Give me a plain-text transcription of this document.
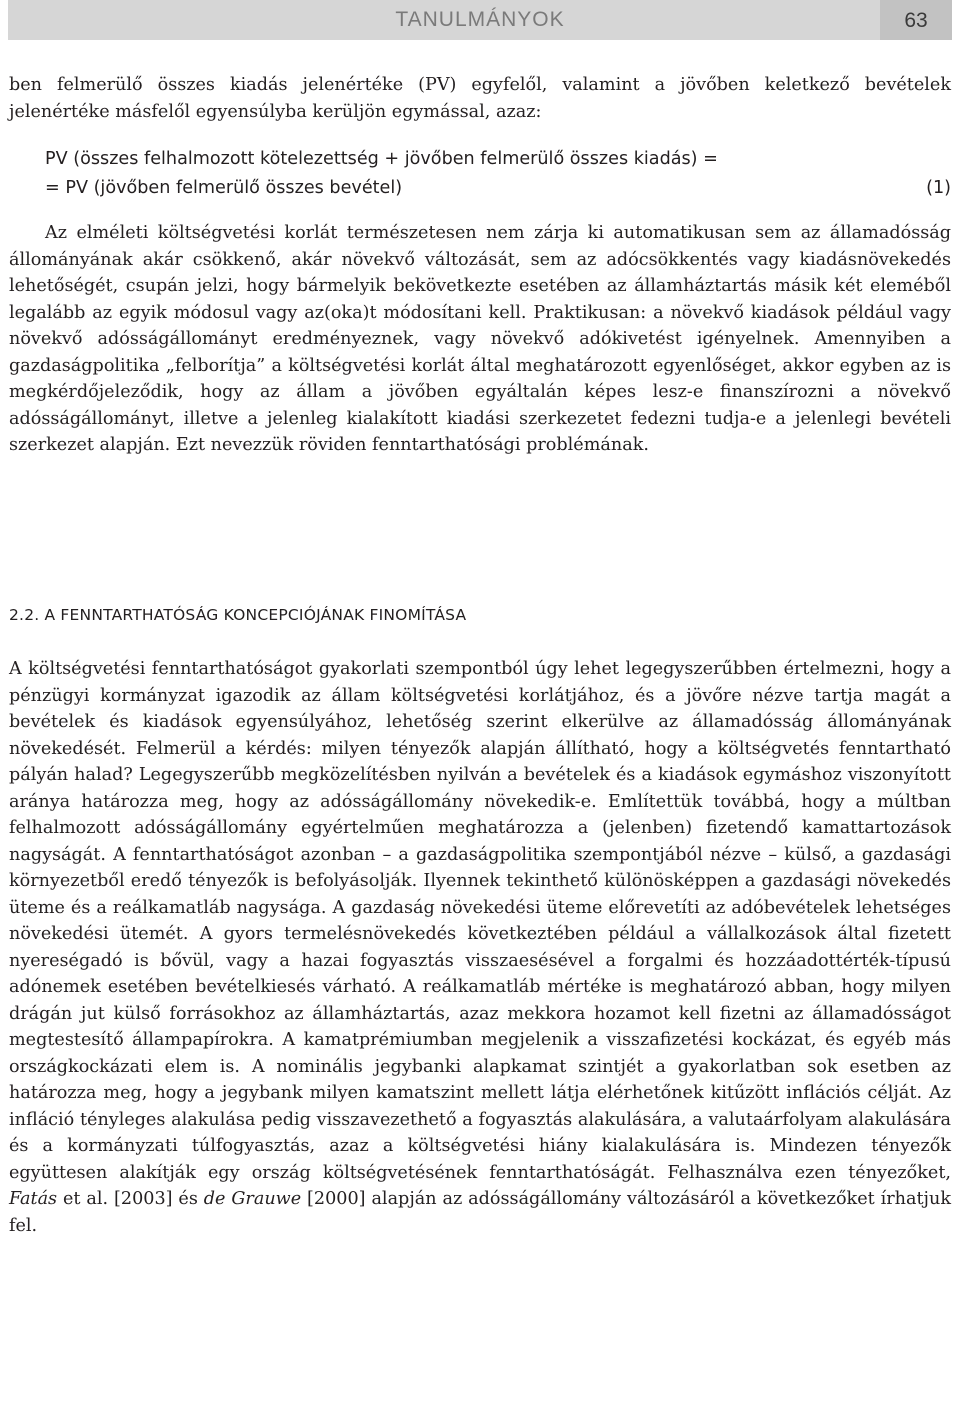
TANULMÁNYOK	63

ben felmerülő összes kiadás jelenértéke (PV) egyfelől, valamint a jövőben keletkező bevételek jelenértéke másfelől egyensúlyba kerüljön egymással, azaz:

PV (összes felhalmozott kötelezettség + jövőben felmerülő összes kiadás) =
= PV (jövőben felmerülő összes bevétel)	(1)

Az elméleti költségvetési korlát természetesen nem zárja ki automatikusan sem az államadósság állományának akár csökkenő, akár növekvő változását, sem az adócsökkentés vagy kiadásnövekedés lehetőségét, csupán jelzi, hogy bármelyik bekövetkezte esetében az államháztartás másik két eleméből legalább az egyik módosul vagy az(oka)t módosítani kell. Praktikusan: a növekvő kiadások például vagy növekvő adósságállományt eredményeznek, vagy növekvő adókivetést igényelnek. Amennyiben a gazdaságpolitika „felborítja” a költségvetési korlát által meghatározott egyenlőséget, akkor egyben az is megkérdőjeleződik, hogy az állam a jövőben egyáltalán képes lesz-e finanszírozni a növekvő adósságállományt, illetve a jelenleg kialakított kiadási szerkezetet fedezni tudja-e a jelenlegi bevételi szerkezet alapján. Ezt nevezzük röviden fenntarthatósági problémának.

2.2. A FENNTARTHATÓSÁG KONCEPCIÓJÁNAK FINOMÍTÁSA

A költségvetési fenntarthatóságot gyakorlati szempontból úgy lehet legegyszerűbben értelmezni, hogy a pénzügyi kormányzat igazodik az állam költségvetési korlátjához, és a jövőre nézve tartja magát a bevételek és kiadások egyensúlyához, lehetőség szerint elkerülve az államadósság állományának növekedését. Felmerül a kérdés: milyen tényezők alapján állítható, hogy a költségvetés fenntartható pályán halad? Legegyszerűbb megközelítésben nyilván a bevételek és a kiadások egymáshoz viszonyított aránya határozza meg, hogy az adósságállomány növekedik-e. Említettük továbbá, hogy a múltban felhalmozott adósságállomány egyértelműen meghatározza a (jelenben) fizetendő kamattartozások nagyságát. A fenntarthatóságot azonban – a gazdaságpolitika szempontjából nézve – külső, a gazdasági környezetből eredő tényezők is befolyásolják. Ilyennek tekinthető különösképpen a gazdasági növekedés üteme és a reálkamatláb nagysága. A gazdaság növekedési üteme előrevetíti az adóbevételek lehetséges növekedési ütemét. A gyors termelésnövekedés következtében például a vállalkozások által fizetett nyereségadó is bővül, vagy a hazai fogyasztás visszaesésével a forgalmi és hozzáadottérték-típusú adónemek esetében bevételkiesés várható. A reálkamatláb mértéke is meghatározó abban, hogy milyen drágán jut külső forrásokhoz az államháztartás, azaz mekkora hozamot kell fizetni az államadósságot megtestesítő állampapírokra. A kamatprémiumban megjelenik a visszafizetési kockázat, és egyéb más országkockázati elem is. A nominális jegybanki alapkamat szintjét a gyakorlatban sok esetben az határozza meg, hogy a jegybank milyen kamatszint mellett látja elérhetőnek kitűzött inflációs célját. Az infláció tényleges alakulása pedig visszavezethető a fogyasztás alakulására, a valutaárfolyam alakulására és a kormányzati túlfogyasztás, azaz a költségvetési hiány kialakulására is. Mindezen tényezők együttesen alakítják egy ország költségvetésének fenntarthatóságát. Felhasználva ezen tényezőket, Fatás et al. [2003] és de Grauwe [2000] alapján az adósságállomány változásáról a következőket írhatjuk fel.
